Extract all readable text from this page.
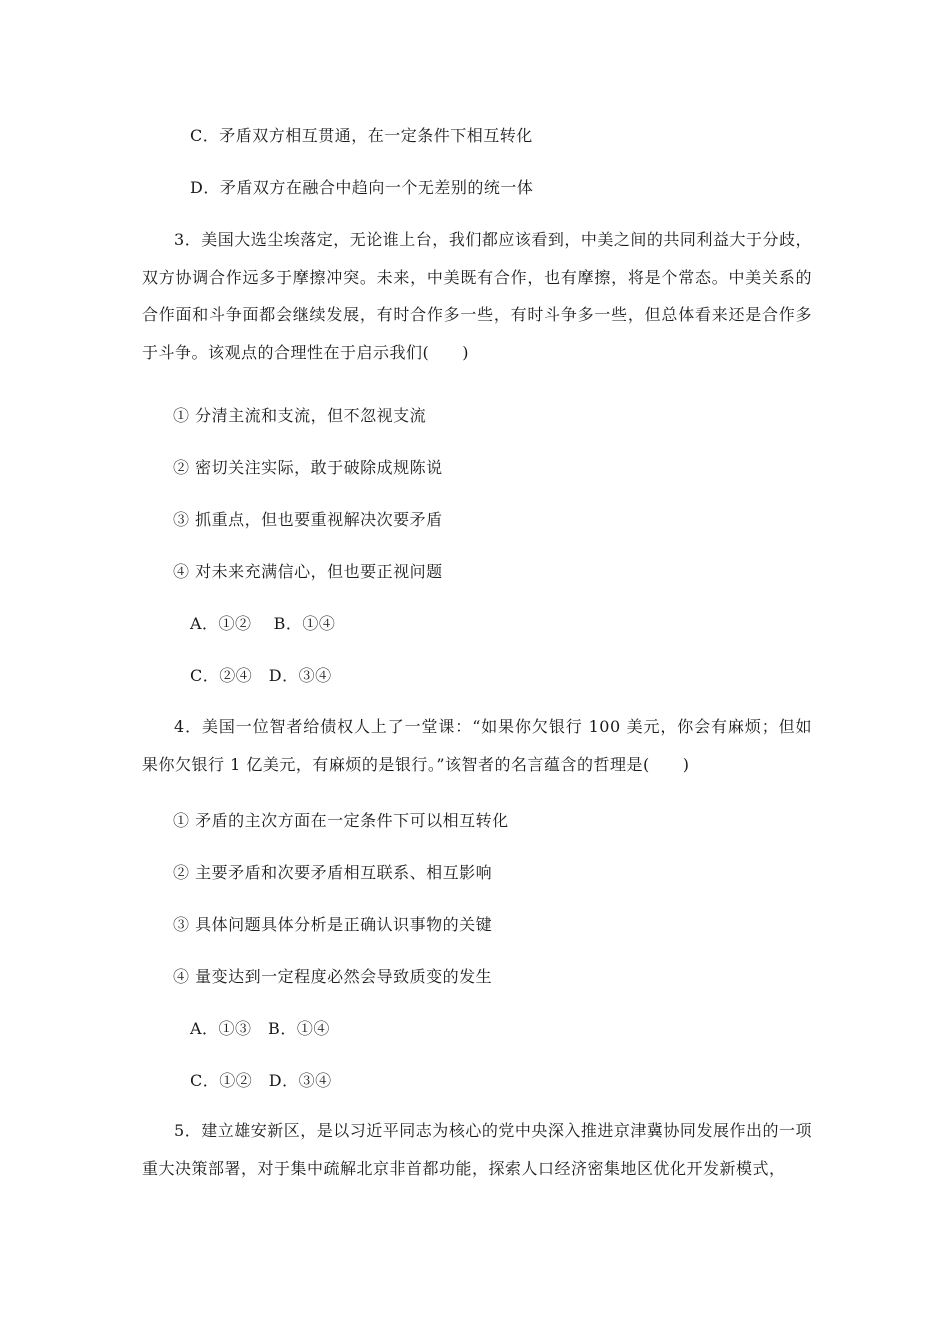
C．矛盾双方相互贯通，在一定条件下相互转化
D．矛盾双方在融合中趋向一个无差别的统一体
3．美国大选尘埃落定，无论谁上台，我们都应该看到，中美之间的共同利益大于分歧，双方协调合作远多于摩擦冲突。未来，中美既有合作，也有摩擦，将是个常态。中美关系的合作面和斗争面都会继续发展，有时合作多一些，有时斗争多一些，但总体看来还是合作多于斗争。该观点的合理性在于启示我们(　　)
① 分清主流和支流，但不忽视支流
② 密切关注实际，敢于破除成规陈说
③ 抓重点，但也要重视解决次要矛盾
④ 对未来充满信心，但也要正视问题
A．①②　 B．①④
C．②④　D．③④
4．美国一位智者给债权人上了一堂课：“如果你欠银行 100 美元，你会有麻烦；但如果你欠银行 1 亿美元，有麻烦的是银行。”该智者的名言蕴含的哲理是(　　)
① 矛盾的主次方面在一定条件下可以相互转化
② 主要矛盾和次要矛盾相互联系、相互影响
③ 具体问题具体分析是正确认识事物的关键
④ 量变达到一定程度必然会导致质变的发生
A．①③　B．①④
C．①②　D．③④
5．建立雄安新区，是以习近平同志为核心的党中央深入推进京津冀协同发展作出的一项重大决策部署，对于集中疏解北京非首都功能，探索人口经济密集地区优化开发新模式，
